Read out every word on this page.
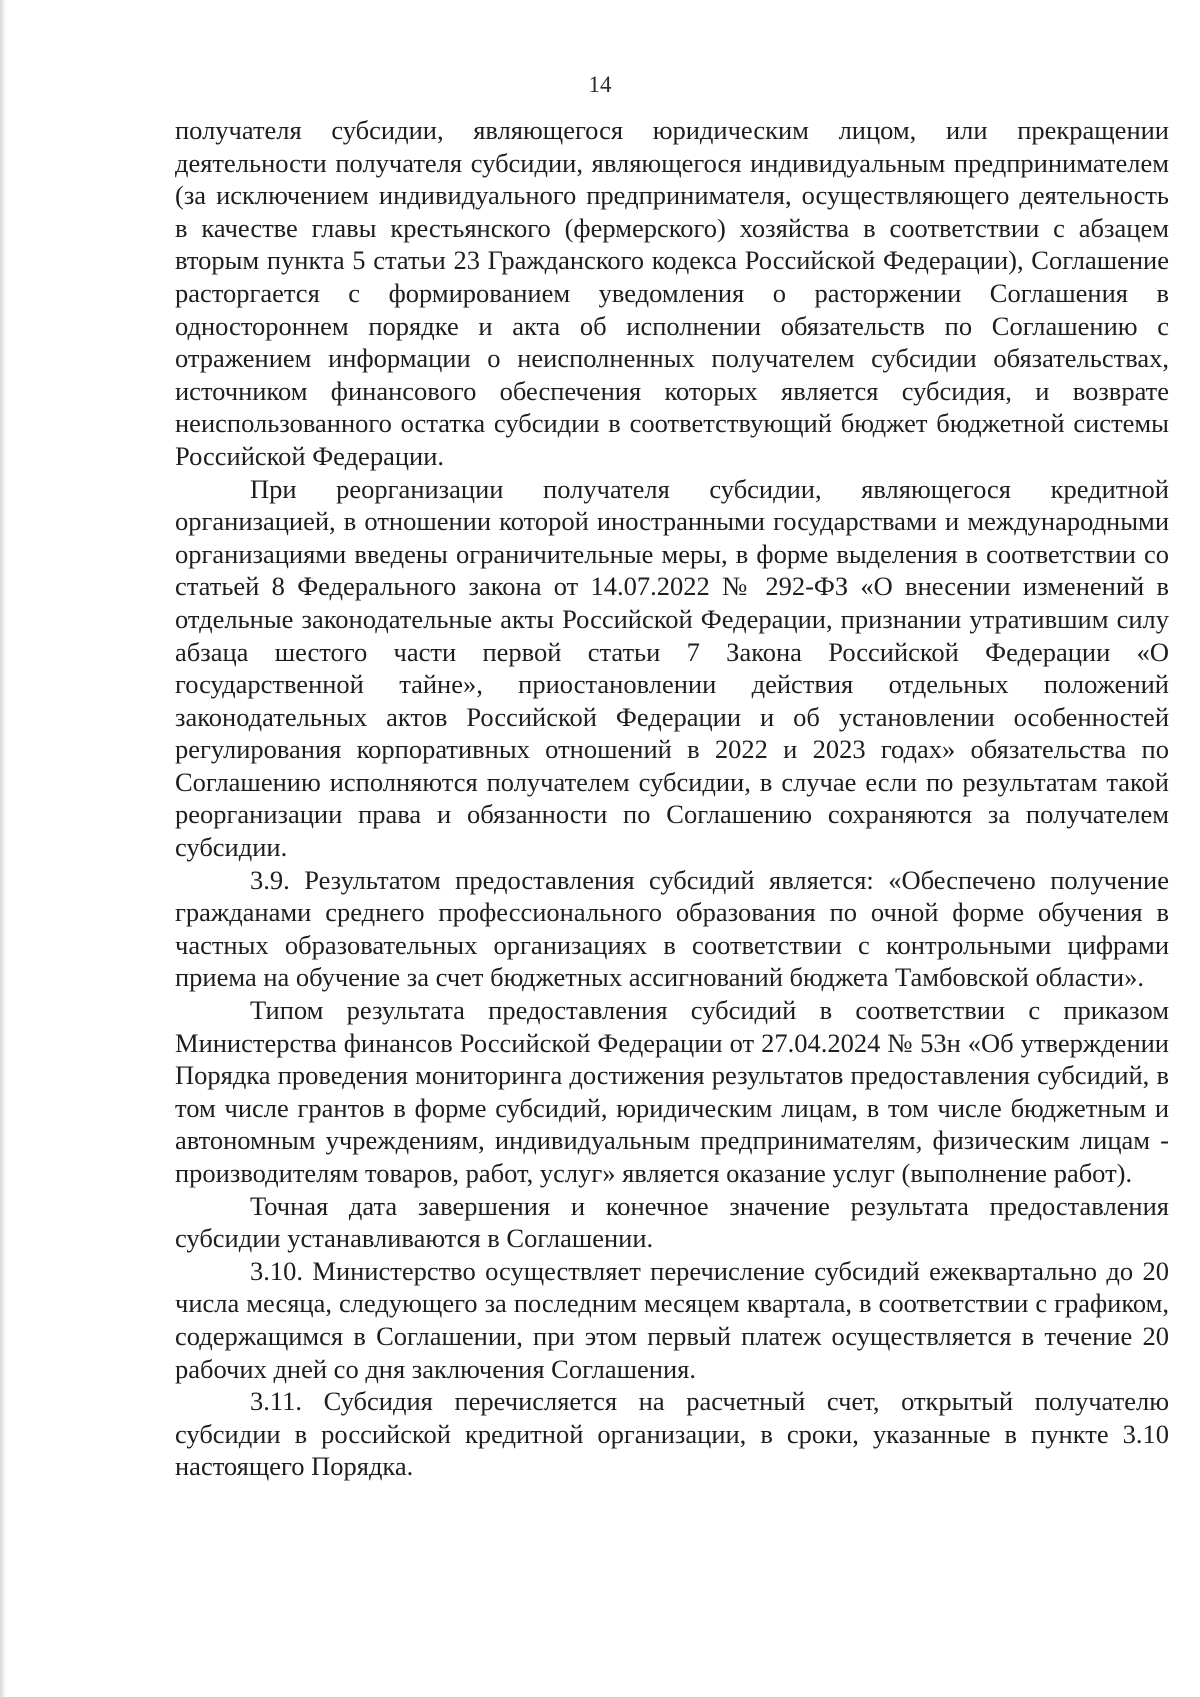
14

получателя субсидии, являющегося юридическим лицом, или прекращении деятельности получателя субсидии, являющегося индивидуальным предпринимателем (за исключением индивидуального предпринимателя, осуществляющего деятельность в качестве главы крестьянского (фермерского) хозяйства в соответствии с абзацем вторым пункта 5 статьи 23 Гражданского кодекса Российской Федерации), Соглашение расторгается с формированием уведомления о расторжении Соглашения в одностороннем порядке и акта об исполнении обязательств по Соглашению с отражением информации о неисполненных получателем субсидии обязательствах, источником финансового обеспечения которых является субсидия, и возврате неиспользованного остатка субсидии в соответствующий бюджет бюджетной системы Российской Федерации.

При реорганизации получателя субсидии, являющегося кредитной организацией, в отношении которой иностранными государствами и международными организациями введены ограничительные меры, в форме выделения в соответствии со статьей 8 Федерального закона от 14.07.2022 № 292-ФЗ «О внесении изменений в отдельные законодательные акты Российской Федерации, признании утратившим силу абзаца шестого части первой статьи 7 Закона Российской Федерации «О государственной тайне», приостановлении действия отдельных положений законодательных актов Российской Федерации и об установлении особенностей регулирования корпоративных отношений в 2022 и 2023 годах» обязательства по Соглашению исполняются получателем субсидии, в случае если по результатам такой реорганизации права и обязанности по Соглашению сохраняются за получателем субсидии.

3.9. Результатом предоставления субсидий является: «Обеспечено получение гражданами среднего профессионального образования по очной форме обучения в частных образовательных организациях в соответствии с контрольными цифрами приема на обучение за счет бюджетных ассигнований бюджета Тамбовской области».

Типом результата предоставления субсидий в соответствии с приказом Министерства финансов Российской Федерации от 27.04.2024 № 53н «Об утверждении Порядка проведения мониторинга достижения результатов предоставления субсидий, в том числе грантов в форме субсидий, юридическим лицам, в том числе бюджетным и автономным учреждениям, индивидуальным предпринимателям, физическим лицам - производителям товаров, работ, услуг» является оказание услуг (выполнение работ).

Точная дата завершения и конечное значение результата предоставления субсидии устанавливаются в Соглашении.

3.10. Министерство осуществляет перечисление субсидий ежеквартально до 20 числа месяца, следующего за последним месяцем квартала, в соответствии с графиком, содержащимся в Соглашении, при этом первый платеж осуществляется в течение 20 рабочих дней со дня заключения Соглашения.

3.11. Субсидия перечисляется на расчетный счет, открытый получателю субсидии в российской кредитной организации, в сроки, указанные в пункте 3.10 настоящего Порядка.
